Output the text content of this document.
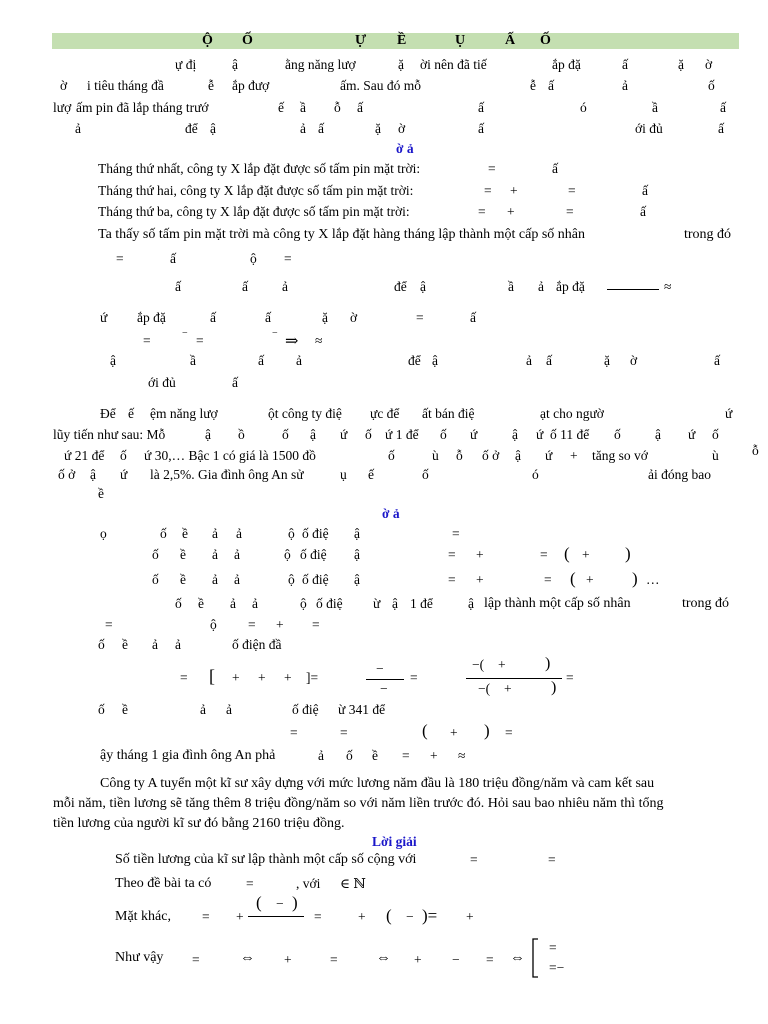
Ộ Ố	Ự Ề	Ụ	Ấ Ố
ự đị	ậ	ằng năng lượ	ặ ời nên đã tiế	ắp đặ	ấ	ặ ờ
ờ i tiêu tháng đầ	ễ ắp đượ	ấm. Sau đó mỗ	ễ ấ	ả	ố
lượ ấm pin đã lắp tháng trướ	ế ầ ỗ ấ	ấ	ó	ầ	ấ
ả	để ậ	ả ấ	ặ ờ	ấ	ới đủ	ấ
ờ ả
Tháng thứ nhất, công ty X lắp đặt được số tấm pin mặt trời:	=	ấ
Tháng thứ hai, công ty X lắp đặt được số tấm pin mặt trời:	= +	=	ấ
Tháng thứ ba, công ty X lắp đặt được số tấm pin mặt trời:	= +	=	ấ
Ta thấy số tấm pin mặt trời mà công ty X lắp đặt hàng tháng lập thành một cấp số nhân	trong đó
=	ấ	ộ =
ấ	ấ	ả	để ậ	ầ ả ắp đặ	≈
ứ ắp đặ	ấ	ấ	ặ ờ	=	ấ
=	− =	− ⇒ ≈
ậ	ầ	ấ ả	để ậ	ả ấ	ặ ờ	ấ
ới đủ	ấ
Để ế ệm năng lượ	ột công ty điệ ực để ất bán điệ	ạt cho ngườ	ứ
lũy tiến như sau: Mỗ	ậ ồ	ố ậ ứ ố ứ 1 để ố ứ	ậ ứ ố 11 để ố	ậ ứ ố
ứ 21 để ố ứ 30,… Bậc 1 có giá là 1500 đồ	ố	ù ỗ ố ở ậ ứ + tăng so vớ	ù ỗ
ố ở ậ ứ là 2,5%. Gia đình ông An sử	ụ ế	ố	ó	ải đóng bao
ề
ờ ả
ọ	ố ề ả ả	ộ ố điệ ậ	=
ố ề ả ả	ộ ố điệ ậ	= +	= ( + )
ố ề ả ả	ộ ố điệ ậ	= +	= ( + ) …
ố ề ả ả	ộ ố điệ ừ ậ 1 để	ậ lập thành một cấp số nhân	trong đó
=	ộ = + =
ố ề ả ả	ố điện đầ
= [ + + + ]=
−
−
=
−( + )
−( + )
=
ố ề	ả ả	ố điệ ừ 341 để
=	=	( + ) =
ậy tháng 1 gia đình ông An phả	ả ố ề = + ≈
Công ty A tuyển một kĩ sư xây dựng với mức lương năm đầu là 180 triệu đồng/năm và cam kết sau
mỗi năm, tiền lương sẽ tăng thêm 8 triệu đồng/năm so với năm liền trước đó. Hỏi sau bao nhiêu năm thì tổng
tiền lương của người kĩ sư đó bằng 2160 triệu đồng.
Lời giải
Số tiền lương của kĩ sư lập thành một cấp số cộng với	=	=
Theo đề bài ta có	=	, với ∈ ℕ
Mặt khác, = +
( − )
=	+ ( − )= +
Như vậy =	⇔ +	=	⇔ + − = ⇔
=
=−
